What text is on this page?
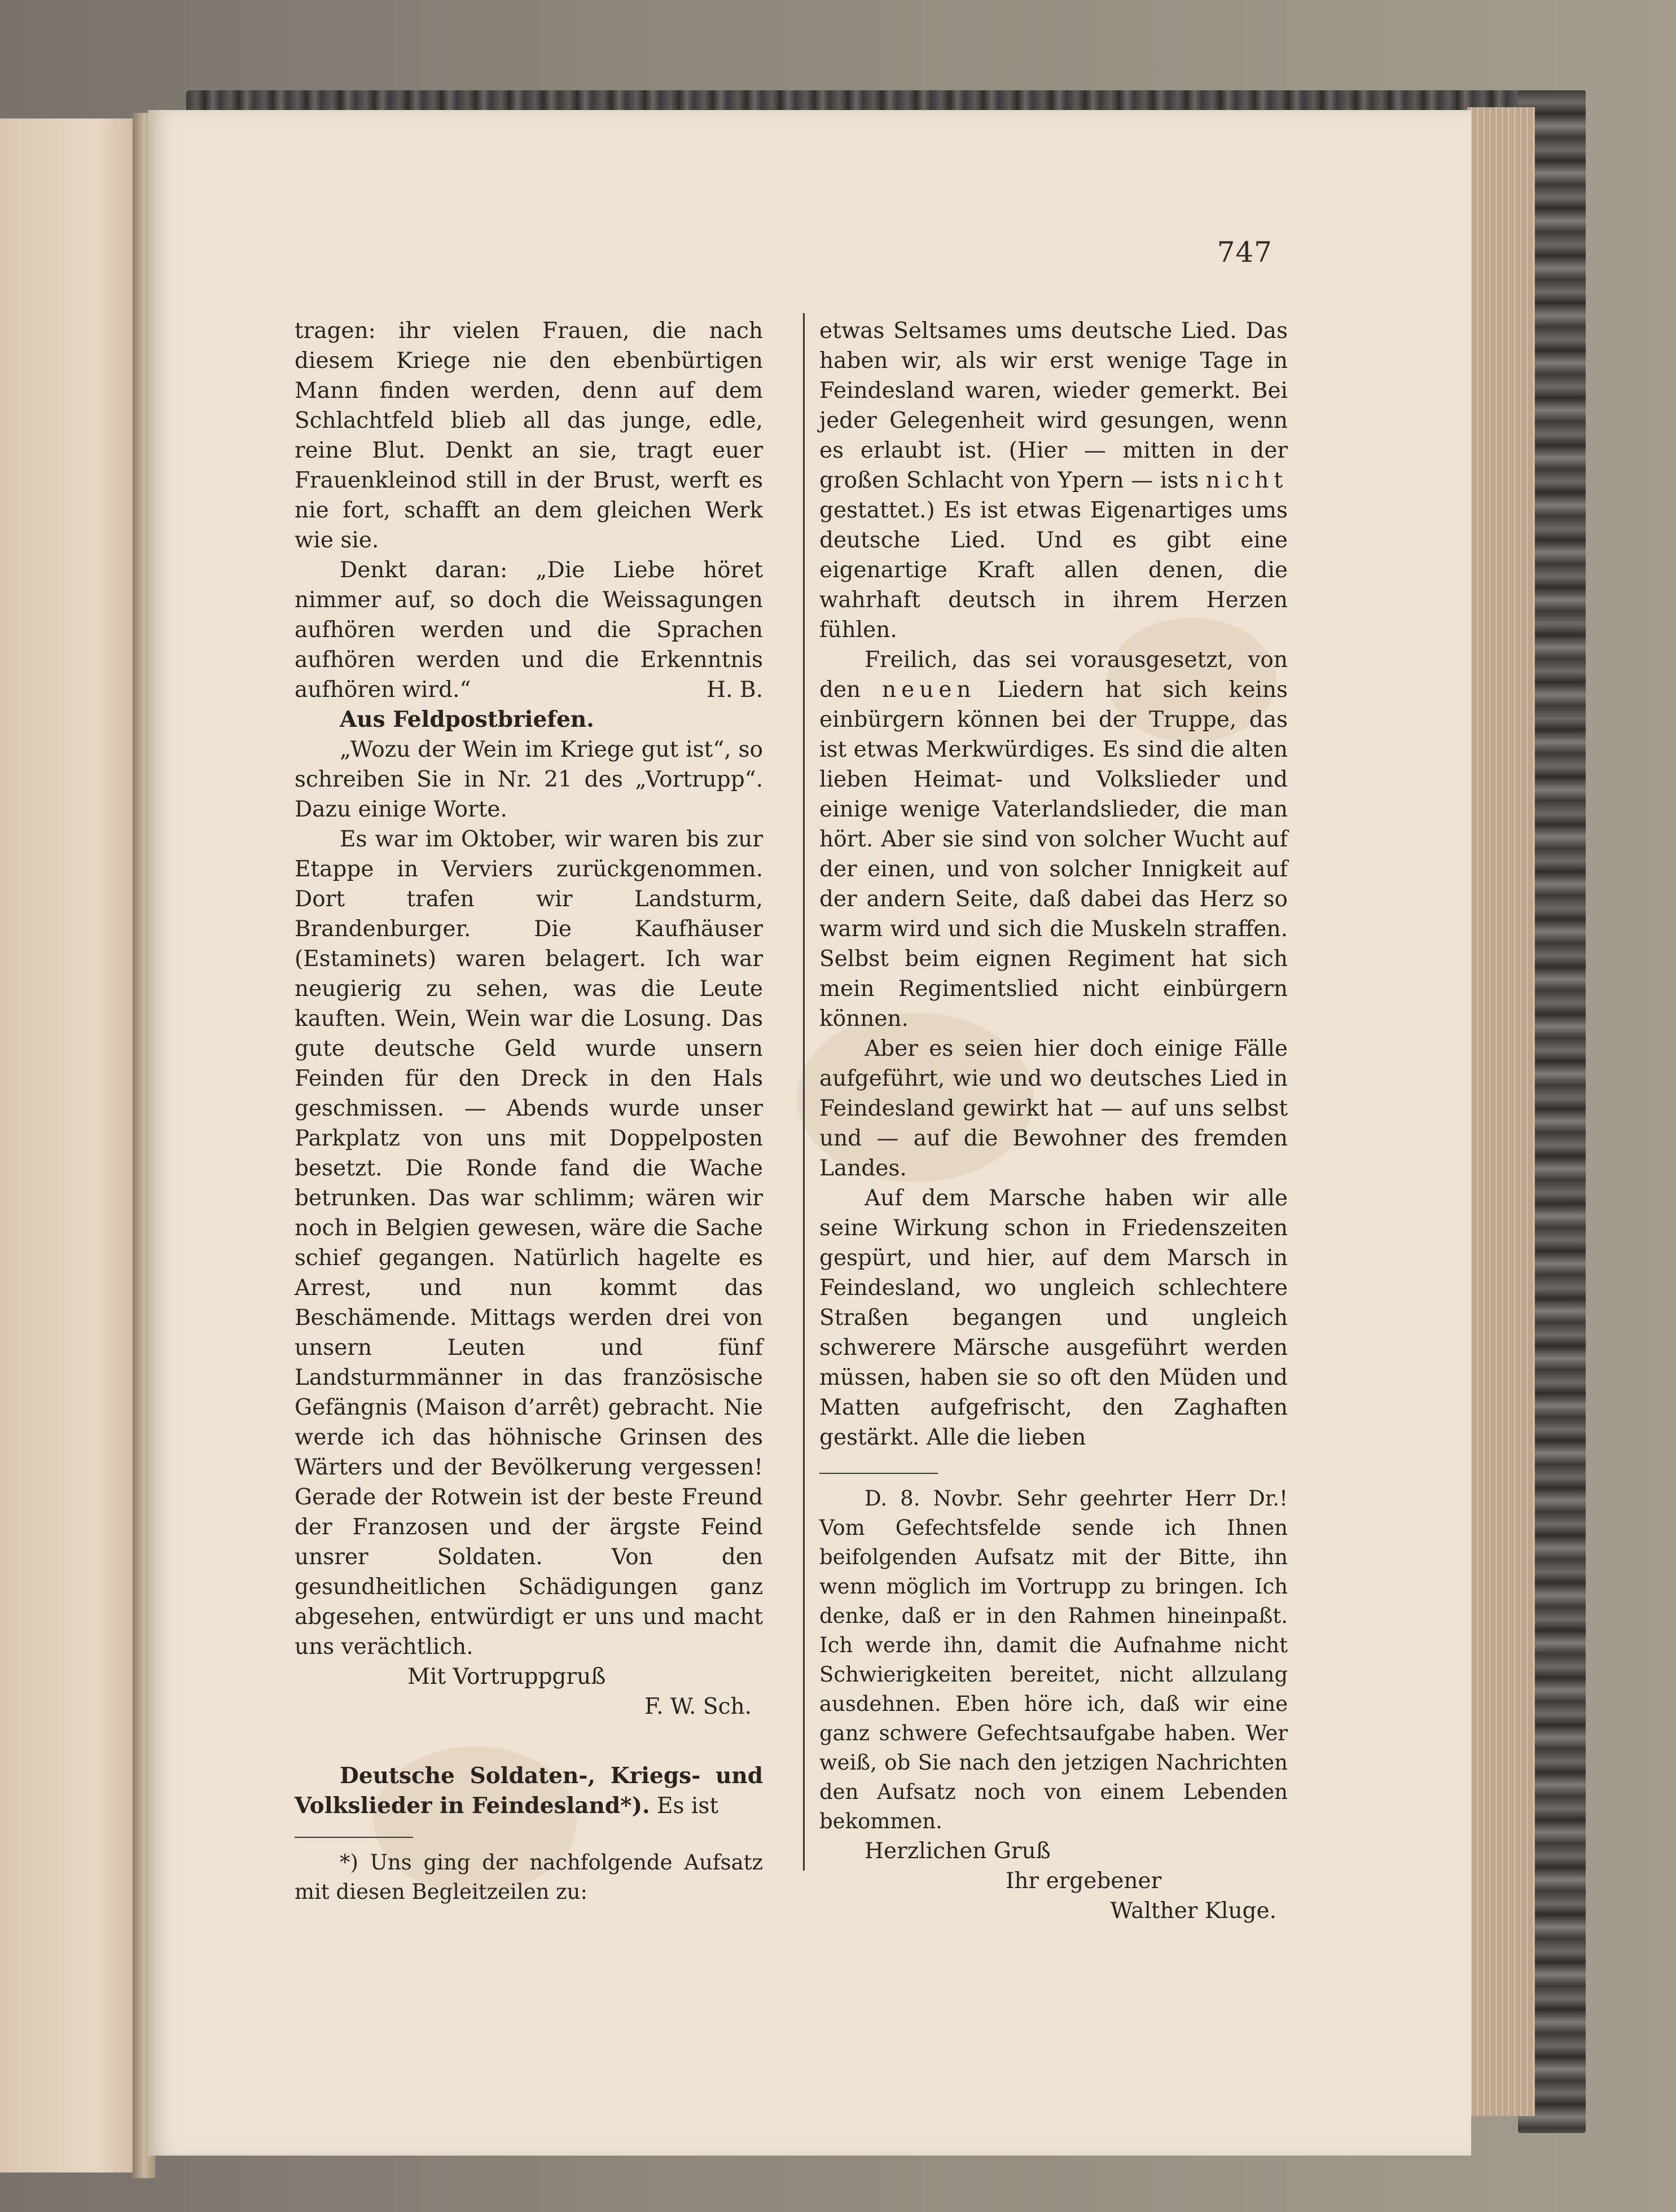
747

tragen: ihr vielen Frauen, die nach diesem Kriege nie den ebenbürtigen Mann finden werden, denn auf dem Schlachtfeld blieb all das junge, edle, reine Blut. Denkt an sie, tragt euer Frauenkleinod still in der Brust, werft es nie fort, schafft an dem gleichen Werk wie sie.

Denkt daran: „Die Liebe höret nimmer auf, so doch die Weissagungen aufhören werden und die Sprachen aufhören werden und die Erkenntnis aufhören wird.“	H. B.

Aus Feldpostbriefen.

„Wozu der Wein im Kriege gut ist“, so schreiben Sie in Nr. 21 des „Vortrupp“. Dazu einige Worte.

Es war im Oktober, wir waren bis zur Etappe in Verviers zurückgenommen. Dort trafen wir Landsturm, Brandenburger. Die Kaufhäuser (Estaminets) waren belagert. Ich war neugierig zu sehen, was die Leute kauften. Wein, Wein war die Losung. Das gute deutsche Geld wurde unsern Feinden für den Dreck in den Hals geschmissen. — Abends wurde unser Parkplatz von uns mit Doppelposten besetzt. Die Ronde fand die Wache betrunken. Das war schlimm; wären wir noch in Belgien gewesen, wäre die Sache schief gegangen. Natürlich hagelte es Arrest, und nun kommt das Beschämende. Mittags werden drei von unsern Leuten und fünf Landsturmmänner in das französische Gefängnis (Maison d’arrêt) gebracht. Nie werde ich das höhnische Grinsen des Wärters und der Bevölkerung vergessen! Gerade der Rotwein ist der beste Freund der Franzosen und der ärgste Feind unsrer Soldaten. Von den gesundheitlichen Schädigungen ganz abgesehen, entwürdigt er uns und macht uns verächtlich.

Mit Vortruppgruß

F. W. Sch.

Deutsche Soldaten-, Kriegs- und Volkslieder in Feindesland*). Es ist

*) Uns ging der nachfolgende Aufsatz mit diesen Begleitzeilen zu:

etwas Seltsames ums deutsche Lied. Das haben wir, als wir erst wenige Tage in Feindesland waren, wieder gemerkt. Bei jeder Gelegenheit wird gesungen, wenn es erlaubt ist. (Hier — mitten in der großen Schlacht von Ypern — ists nicht gestattet.) Es ist etwas Eigenartiges ums deutsche Lied. Und es gibt eine eigenartige Kraft allen denen, die wahrhaft deutsch in ihrem Herzen fühlen.

Freilich, das sei vorausgesetzt, von den neuen Liedern hat sich keins einbürgern können bei der Truppe, das ist etwas Merkwürdiges. Es sind die alten lieben Heimat- und Volkslieder und einige wenige Vaterlandslieder, die man hört. Aber sie sind von solcher Wucht auf der einen, und von solcher Innigkeit auf der andern Seite, daß dabei das Herz so warm wird und sich die Muskeln straffen. Selbst beim eignen Regiment hat sich mein Regimentslied nicht einbürgern können.

Aber es seien hier doch einige Fälle aufgeführt, wie und wo deutsches Lied in Feindesland gewirkt hat — auf uns selbst und — auf die Bewohner des fremden Landes.

Auf dem Marsche haben wir alle seine Wirkung schon in Friedenszeiten gespürt, und hier, auf dem Marsch in Feindesland, wo ungleich schlechtere Straßen begangen und ungleich schwerere Märsche ausgeführt werden müssen, haben sie so oft den Müden und Matten aufgefrischt, den Zaghaften gestärkt. Alle die lieben

D. 8. Novbr. Sehr geehrter Herr Dr.! Vom Gefechtsfelde sende ich Ihnen beifolgenden Aufsatz mit der Bitte, ihn wenn möglich im Vortrupp zu bringen. Ich denke, daß er in den Rahmen hineinpaßt. Ich werde ihn, damit die Aufnahme nicht Schwierigkeiten bereitet, nicht allzulang ausdehnen. Eben höre ich, daß wir eine ganz schwere Gefechtsaufgabe haben. Wer weiß, ob Sie nach den jetzigen Nachrichten den Aufsatz noch von einem Lebenden bekommen.

Herzlichen Gruß

Ihr ergebener

Walther Kluge.
